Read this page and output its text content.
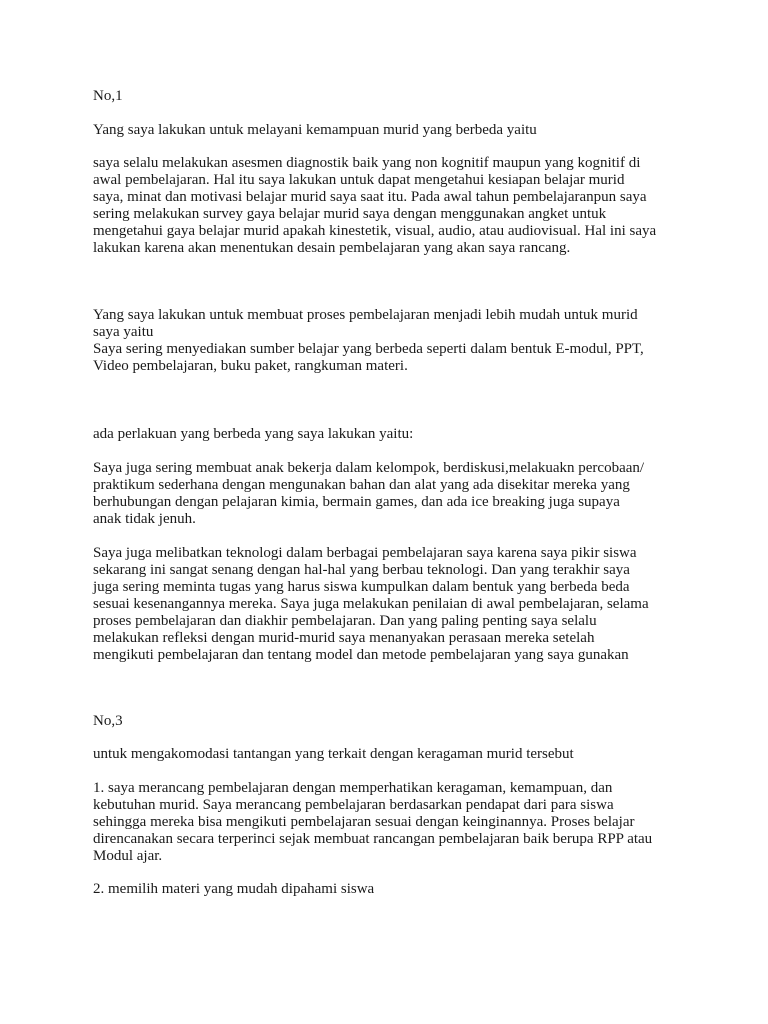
No,1

Yang saya lakukan untuk melayani kemampuan murid yang berbeda yaitu

saya selalu melakukan asesmen diagnostik baik yang non kognitif maupun yang kognitif di

awal pembelajaran. Hal itu saya lakukan untuk dapat mengetahui kesiapan belajar murid

saya, minat dan motivasi belajar murid saya saat itu. Pada awal tahun pembelajaranpun saya

sering melakukan survey gaya belajar murid saya dengan menggunakan angket untuk

mengetahui gaya belajar murid apakah kinestetik, visual, audio, atau audiovisual. Hal ini saya

lakukan karena akan menentukan desain pembelajaran yang akan saya rancang.

Yang saya lakukan untuk membuat proses pembelajaran menjadi lebih mudah untuk murid

saya yaitu

Saya sering menyediakan sumber belajar yang berbeda seperti dalam bentuk E-modul, PPT,

Video pembelajaran, buku paket, rangkuman materi.

ada perlakuan yang berbeda yang saya lakukan yaitu:

Saya juga sering membuat anak bekerja dalam kelompok, berdiskusi,melakuakn percobaan/

praktikum sederhana dengan mengunakan bahan dan alat yang ada disekitar mereka yang

berhubungan dengan pelajaran kimia, bermain games, dan ada ice breaking juga supaya

anak tidak jenuh.

Saya juga melibatkan teknologi dalam berbagai pembelajaran saya karena saya pikir siswa

sekarang ini sangat senang dengan hal-hal yang berbau teknologi. Dan yang terakhir saya

juga sering meminta tugas yang harus siswa kumpulkan dalam bentuk yang berbeda beda

sesuai kesenangannya mereka. Saya juga melakukan penilaian di awal pembelajaran, selama

proses pembelajaran dan diakhir pembelajaran. Dan yang paling penting saya selalu

melakukan refleksi dengan murid-murid saya menanyakan perasaan mereka setelah

mengikuti pembelajaran dan tentang model dan metode pembelajaran yang saya gunakan

No,3

untuk mengakomodasi tantangan yang terkait dengan keragaman murid tersebut

1. saya merancang pembelajaran dengan memperhatikan keragaman, kemampuan, dan

kebutuhan murid. Saya merancang pembelajaran berdasarkan pendapat dari para siswa

sehingga mereka bisa mengikuti pembelajaran sesuai dengan keinginannya. Proses belajar

direncanakan secara terperinci sejak membuat rancangan pembelajaran baik berupa RPP atau

Modul ajar.

2. memilih materi yang mudah dipahami siswa
